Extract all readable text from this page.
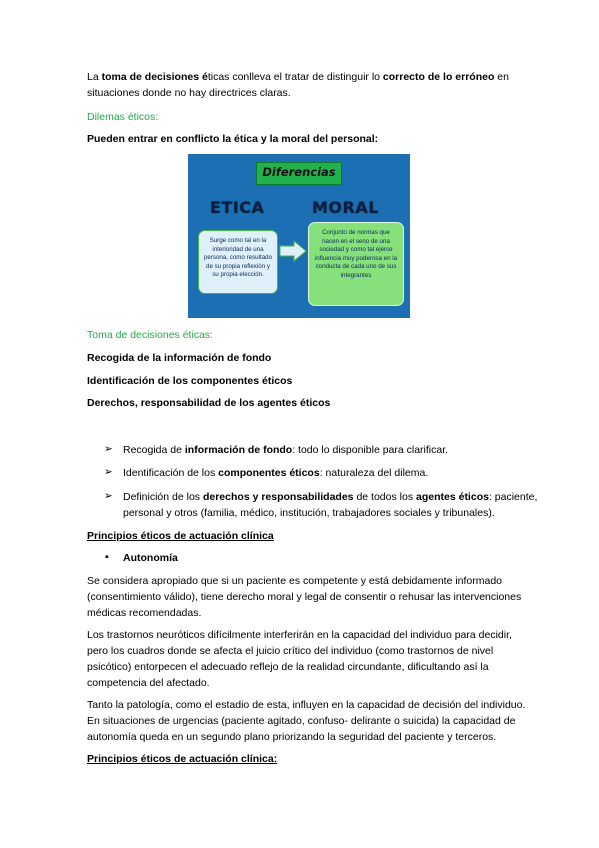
La toma de decisiones éticas conlleva el tratar de distinguir lo correcto de lo erróneo en

situaciones donde no hay directrices claras.

Dilemas éticos:

Pueden entrar en conflicto la ética y la moral del personal:

Diferencias
ETICA	MORAL
Surge como tal en la interioridad de una persona, como resultado de su propia reflexión y su propia elección.
Conjunto de normas que nacen en el seno de una sociedad y como tal ejerce influencia muy poderosa en la conducta de cada uno de sus integrantes

Toma de decisiones éticas:

Recogida de la información de fondo

Identificación de los componentes éticos

Derechos, responsabilidad de los agentes éticos

➢ Recogida de información de fondo: todo lo disponible para clarificar.

➢ Identificación de los componentes éticos: naturaleza del dilema.

➢ Definición de los derechos y responsabilidades de todos los agentes éticos: paciente,

personal y otros (familia, médico, institución, trabajadores sociales y tribunales).

Principios éticos de actuación clínica

▪ Autonomía

Se considera apropiado que si un paciente es competente y está debidamente informado

(consentimiento válido), tiene derecho moral y legal de consentir o rehusar las intervenciones

médicas recomendadas.

Los trastornos neuróticos difícilmente interferirán en la capacidad del individuo para decidir,

pero los cuadros donde se afecta el juicio crítico del individuo (como trastornos de nivel

psicótico) entorpecen el adecuado reflejo de la realidad circundante, dificultando así la

competencia del afectado.

Tanto la patología, como el estadio de esta, influyen en la capacidad de decisión del individuo.

En situaciones de urgencias (paciente agitado, confuso- delirante o suicida) la capacidad de

autonomía queda en un segundo plano priorizando la seguridad del paciente y terceros.

Principios éticos de actuación clínica:
